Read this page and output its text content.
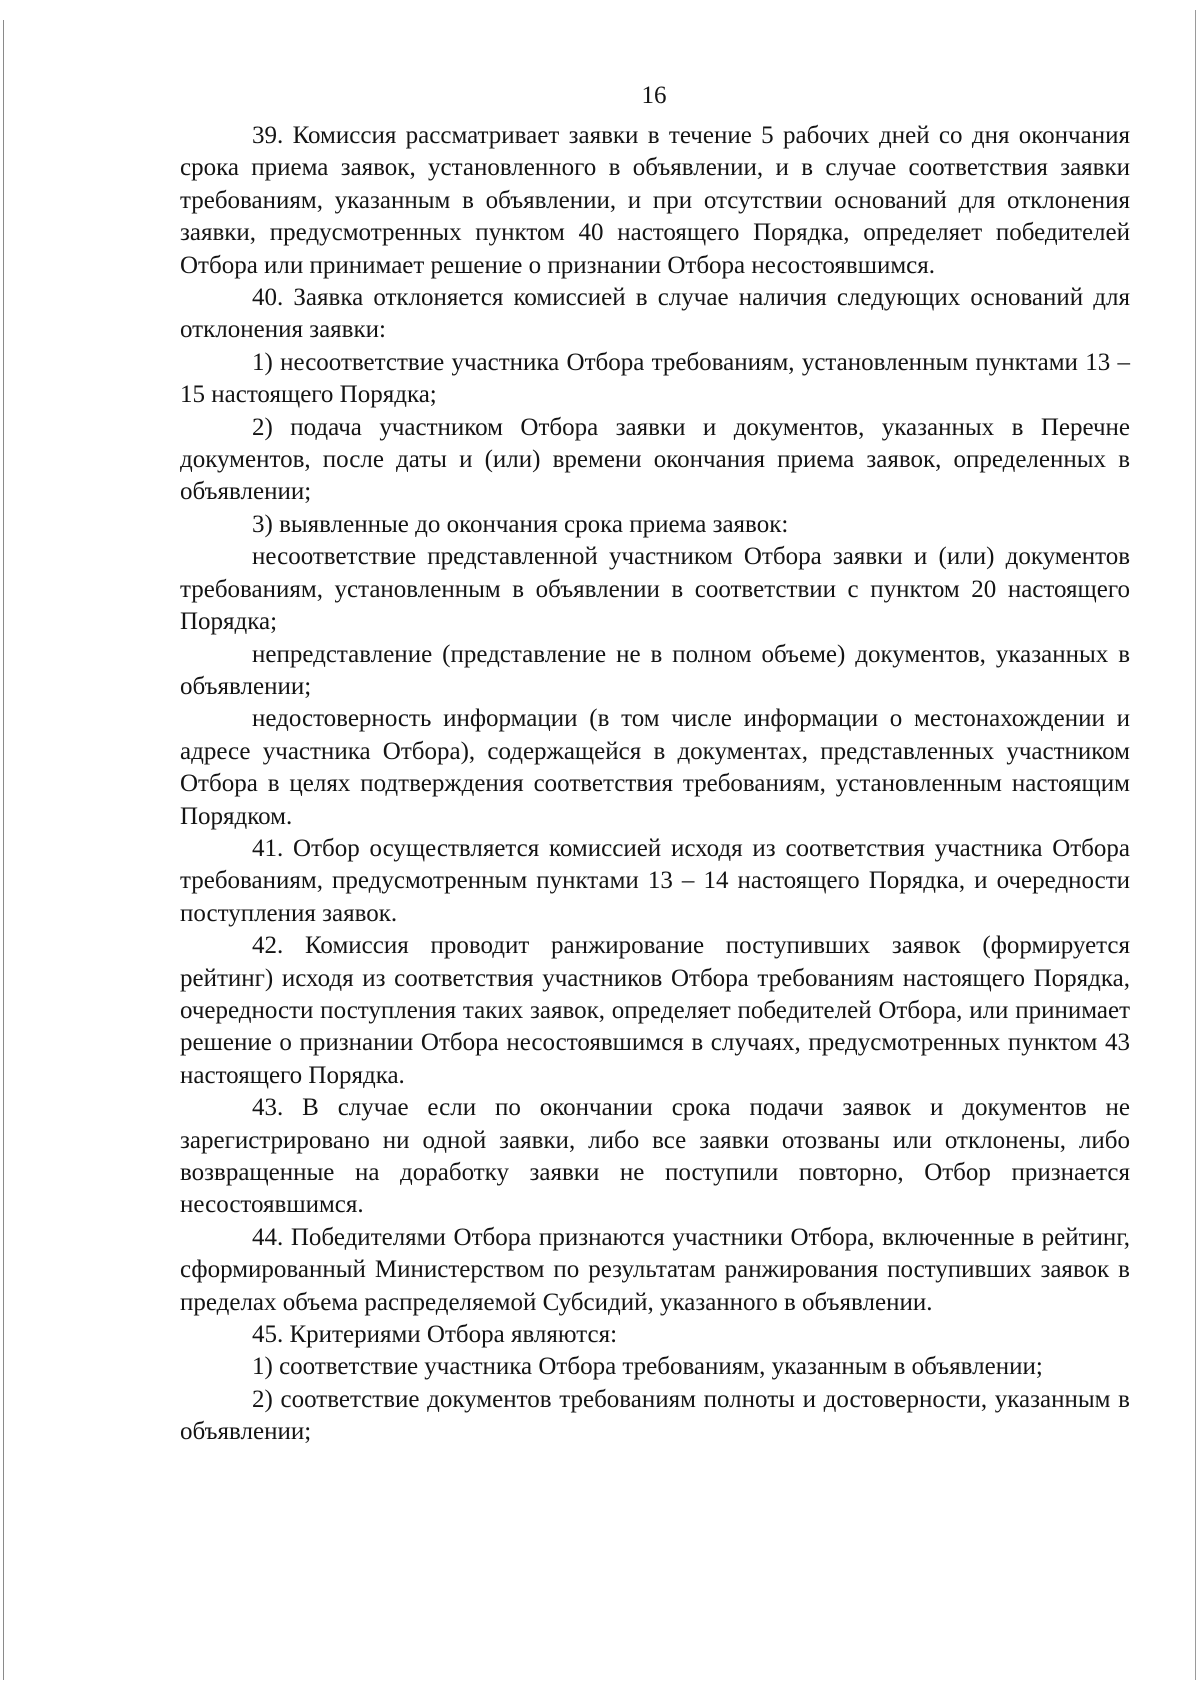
16

39. Комиссия рассматривает заявки в течение 5 рабочих дней со дня окончания срока приема заявок, установленного в объявлении, и в случае соответствия заявки требованиям, указанным в объявлении, и при отсутствии оснований для отклонения заявки, предусмотренных пунктом 40 настоящего Порядка, определяет победителей Отбора или принимает решение о признании Отбора несостоявшимся.

40. Заявка отклоняется комиссией в случае наличия следующих оснований для отклонения заявки:

1) несоответствие участника Отбора требованиям, установленным пунктами 13 – 15 настоящего Порядка;

2) подача участником Отбора заявки и документов, указанных в Перечне документов, после даты и (или) времени окончания приема заявок, определенных в объявлении;

3) выявленные до окончания срока приема заявок:

несоответствие представленной участником Отбора заявки и (или) документов требованиям, установленным в объявлении в соответствии с пунктом 20 настоящего Порядка;

непредставление (представление не в полном объеме) документов, указанных в объявлении;

недостоверность информации (в том числе информации о местонахождении и адресе участника Отбора), содержащейся в документах, представленных участником Отбора в целях подтверждения соответствия требованиям, установленным настоящим Порядком.

41. Отбор осуществляется комиссией исходя из соответствия участника Отбора требованиям, предусмотренным пунктами 13 – 14 настоящего Порядка, и очередности поступления заявок.

42. Комиссия проводит ранжирование поступивших заявок (формируется рейтинг) исходя из соответствия участников Отбора требованиям настоящего Порядка, очередности поступления таких заявок, определяет победителей Отбора, или принимает решение о признании Отбора несостоявшимся в случаях, предусмотренных пунктом 43 настоящего Порядка.

43. В случае если по окончании срока подачи заявок и документов не зарегистрировано ни одной заявки, либо все заявки отозваны или отклонены, либо возвращенные на доработку заявки не поступили повторно, Отбор признается несостоявшимся.

44. Победителями Отбора признаются участники Отбора, включенные в рейтинг, сформированный Министерством по результатам ранжирования поступивших заявок в пределах объема распределяемой Субсидий, указанного в объявлении.

45. Критериями Отбора являются:

1) соответствие участника Отбора требованиям, указанным в объявлении;

2) соответствие документов требованиям полноты и достоверности, указанным в объявлении;
